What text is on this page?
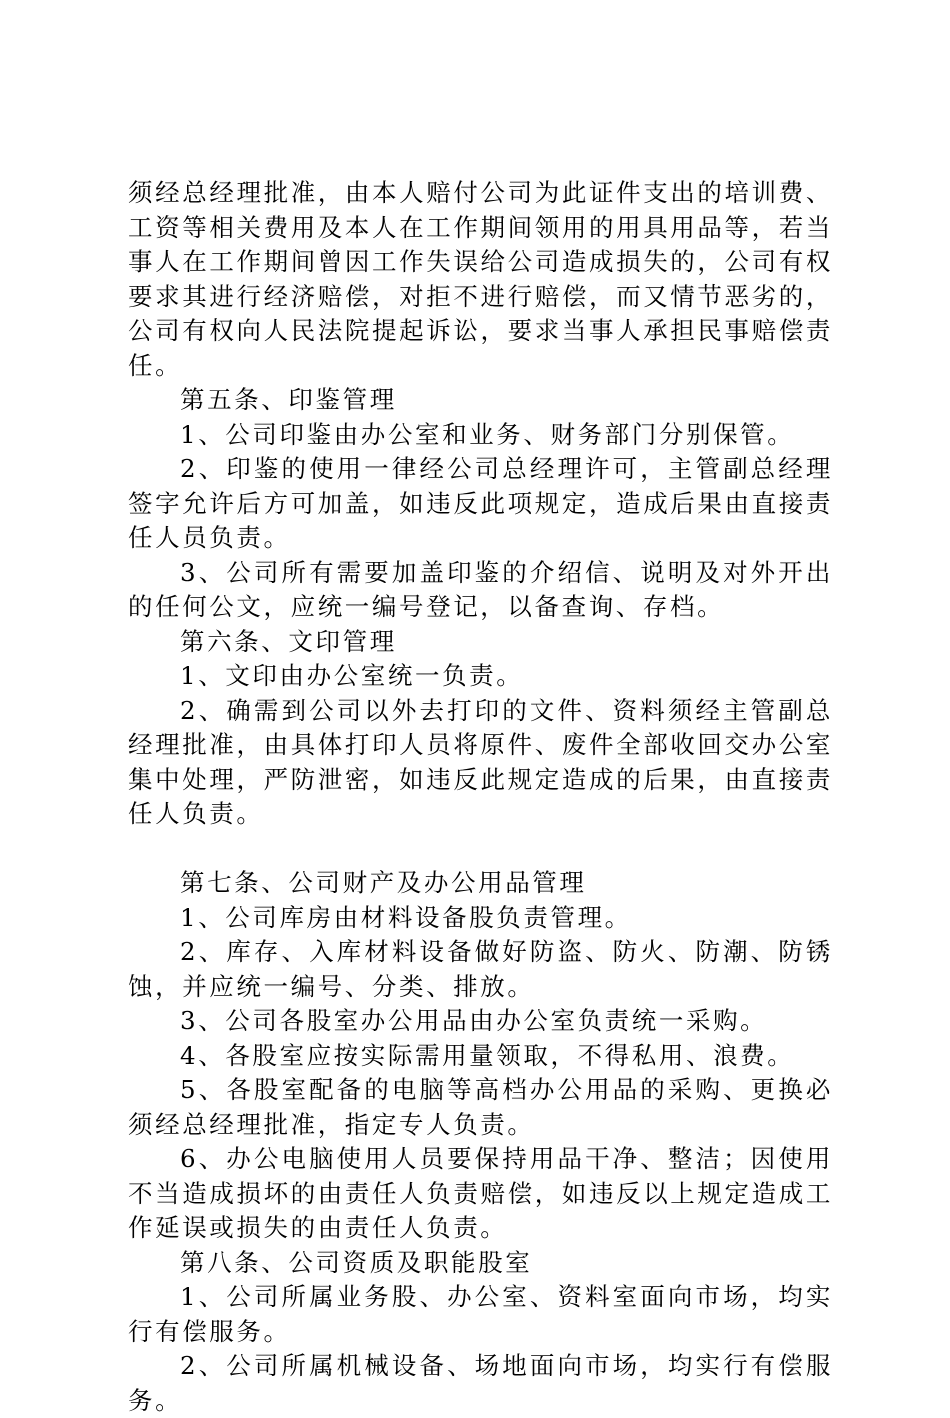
须经总经理批准，由本人赔付公司为此证件支出的培训费、工资等相关费用及本人在工作期间领用的用具用品等，若当事人在工作期间曾因工作失误给公司造成损失的，公司有权要求其进行经济赔偿，对拒不进行赔偿，而又情节恶劣的，公司有权向人民法院提起诉讼，要求当事人承担民事赔偿责任。

第五条、印鉴管理

1、公司印鉴由办公室和业务、财务部门分别保管。

2、印鉴的使用一律经公司总经理许可，主管副总经理签字允许后方可加盖，如违反此项规定，造成后果由直接责任人员负责。

3、公司所有需要加盖印鉴的介绍信、说明及对外开出的任何公文，应统一编号登记，以备查询、存档。

第六条、文印管理

1、文印由办公室统一负责。

2、确需到公司以外去打印的文件、资料须经主管副总经理批准，由具体打印人员将原件、废件全部收回交办公室集中处理，严防泄密，如违反此规定造成的后果，由直接责任人负责。

第七条、公司财产及办公用品管理

1、公司库房由材料设备股负责管理。

2、库存、入库材料设备做好防盗、防火、防潮、防锈蚀，并应统一编号、分类、排放。

3、公司各股室办公用品由办公室负责统一采购。

4、各股室应按实际需用量领取，不得私用、浪费。

5、各股室配备的电脑等高档办公用品的采购、更换必须经总经理批准，指定专人负责。

6、办公电脑使用人员要保持用品干净、整洁；因使用不当造成损坏的由责任人负责赔偿，如违反以上规定造成工作延误或损失的由责任人负责。

第八条、公司资质及职能股室

1、公司所属业务股、办公室、资料室面向市场，均实行有偿服务。

2、公司所属机械设备、场地面向市场，均实行有偿服务。
